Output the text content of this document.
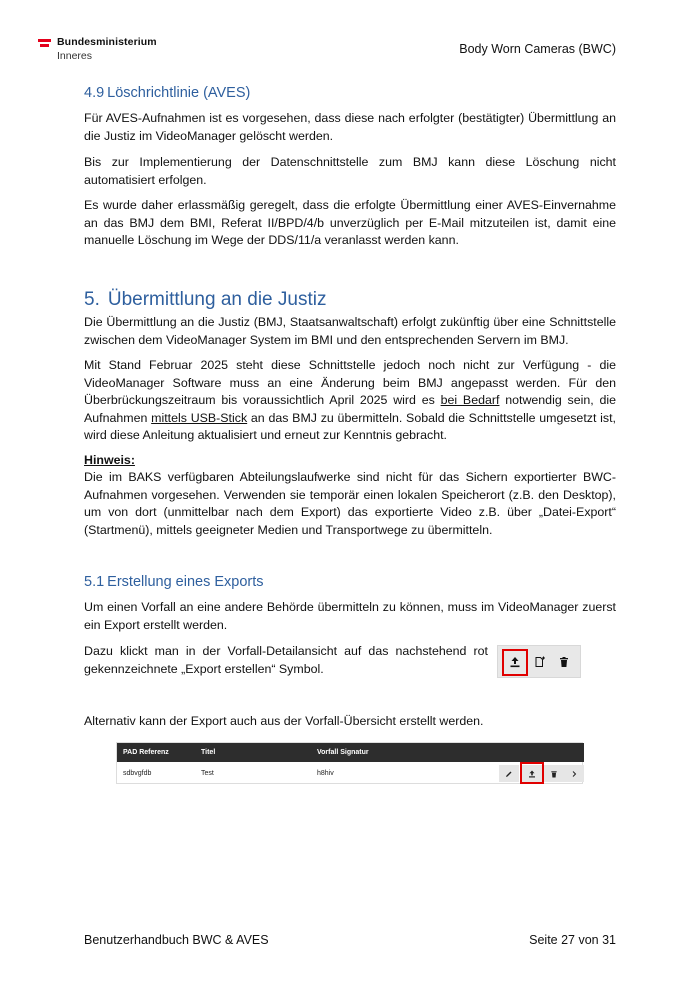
Bundesministerium
Inneres	Body Worn Cameras (BWC)
4.9 Löschrichtlinie (AVES)

Für AVES-Aufnahmen ist es vorgesehen, dass diese nach erfolgter (bestätigter) Übermittlung an die Justiz im VideoManager gelöscht werden.

Bis zur Implementierung der Datenschnittstelle zum BMJ kann diese Löschung nicht automatisiert erfolgen.

Es wurde daher erlassmäßig geregelt, dass die erfolgte Übermittlung einer AVES-Einvernahme an das BMJ dem BMI, Referat II/BPD/4/b unverzüglich per E-Mail mitzuteilen ist, damit eine manuelle Löschung im Wege der DDS/11/a veranlasst werden kann.

5. Übermittlung an die Justiz

Die Übermittlung an die Justiz (BMJ, Staatsanwaltschaft) erfolgt zukünftig über eine Schnittstelle zwischen dem VideoManager System im BMI und den entsprechenden Servern im BMJ.

Mit Stand Februar 2025 steht diese Schnittstelle jedoch noch nicht zur Verfügung - die VideoManager Software muss an eine Änderung beim BMJ angepasst werden. Für den Überbrückungszeitraum bis voraussichtlich April 2025 wird es bei Bedarf notwendig sein, die Aufnahmen mittels USB-Stick an das BMJ zu übermitteln. Sobald die Schnittstelle umgesetzt ist, wird diese Anleitung aktualisiert und erneut zur Kenntnis gebracht.

Hinweis:

Die im BAKS verfügbaren Abteilungslaufwerke sind nicht für das Sichern exportierter BWC-Aufnahmen vorgesehen. Verwenden sie temporär einen lokalen Speicherort (z.B. den Desktop), um von dort (unmittelbar nach dem Export) das exportierte Video z.B. über „Datei-Export“ (Startmenü), mittels geeigneter Medien und Transportwege zu übermitteln.

5.1 Erstellung eines Exports

Um einen Vorfall an eine andere Behörde übermitteln zu können, muss im VideoManager zuerst ein Export erstellt werden.

Dazu klickt man in der Vorfall-Detailansicht auf das nachstehend rot gekennzeichnete „Export erstellen“ Symbol.

Alternativ kann der Export auch aus der Vorfall-Übersicht erstellt werden.

PAD Referenz	Titel	Vorfall Signatur
sdbvgfdb	Test	h8hiv
Benutzerhandbuch BWC & AVES	Seite 27 von 31
